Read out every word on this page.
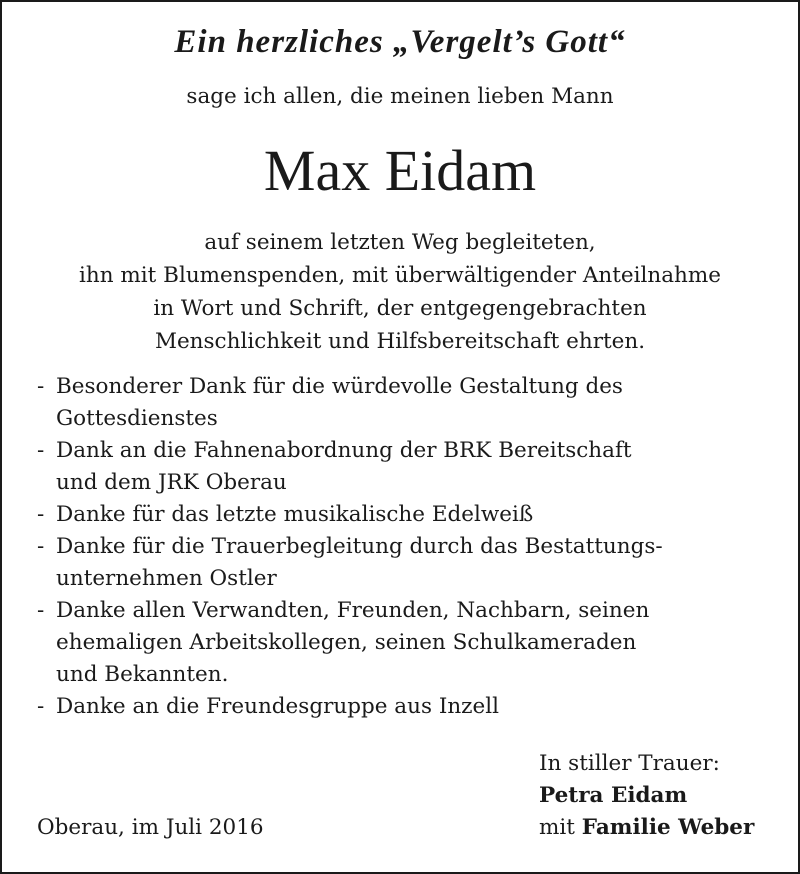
Ein herzliches „Vergelt’s Gott“
sage ich allen, die meinen lieben Mann
Max Eidam
auf seinem letzten Weg begleiteten,
ihn mit Blumenspenden, mit überwältigender Anteilnahme
in Wort und Schrift, der entgegengebrachten
Menschlichkeit und Hilfsbereitschaft ehrten.
- Besonderer Dank für die würdevolle Gestaltung des
Gottesdienstes
- Dank an die Fahnenabordnung der BRK Bereitschaft
und dem JRK Oberau
- Danke für das letzte musikalische Edelweiß
- Danke für die Trauerbegleitung durch das Bestattungs-
unternehmen Ostler
- Danke allen Verwandten, Freunden, Nachbarn, seinen
ehemaligen Arbeitskollegen, seinen Schulkameraden
und Bekannten.
- Danke an die Freundesgruppe aus Inzell
Oberau, im Juli 2016
In stiller Trauer:
Petra Eidam
mit Familie Weber
